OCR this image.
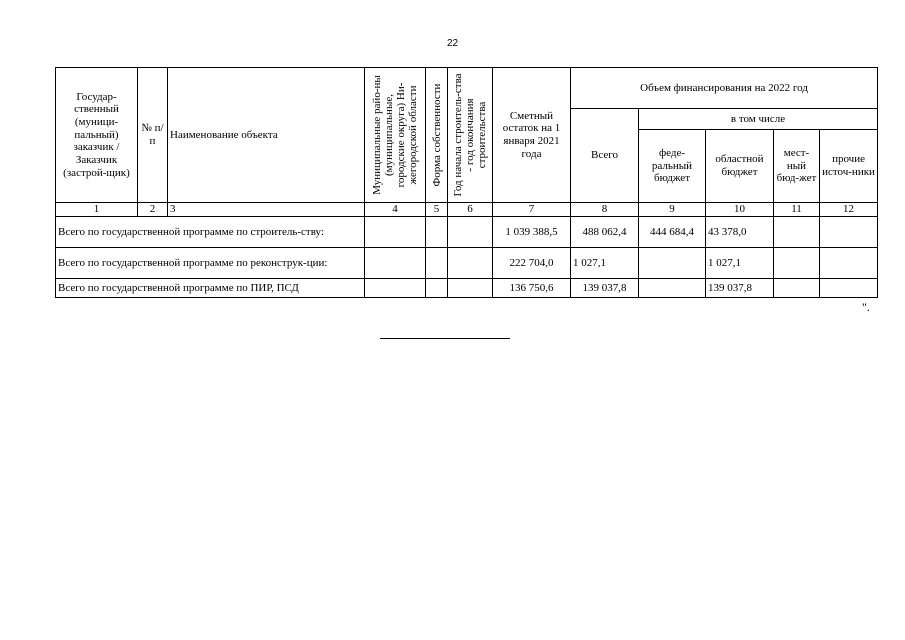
22
Государ-ственный (муници-пальный) заказчик / Заказчик (застрой-щик)	№ п/п	Наименование объекта	Муниципальные райо-ны (муниципальные, городские округа) Ни-жегородской области	Форма собственности	Год начала строитель-ства - год окончания строительства	Сметный остаток на 1 января 2021 года	Объем финансирования на 2022 год				
							Всего	в том числе			
								феде-ральный бюджет	областной бюджет	мест-ный бюд-жет	прочие источ-ники
1	2	3	4	5	6	7	8	9	10	11	12
Всего по государственной программе по строитель-ству:						1 039 388,5	488 062,4	444 684,4	43 378,0		
Всего по государственной программе по реконструк-ции:						222 704,0	1 027,1		1 027,1		
Всего по государственной программе по ПИР, ПСД						136 750,6	139 037,8		139 037,8		
".
